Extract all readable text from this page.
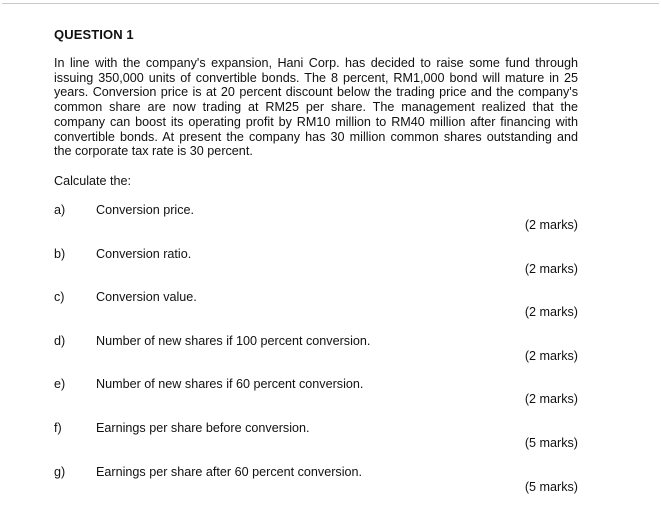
QUESTION 1
In line with the company's expansion, Hani Corp. has decided to raise some fund through issuing 350,000 units of convertible bonds. The 8 percent, RM1,000 bond will mature in 25 years. Conversion price is at 20 percent discount below the trading price and the company's common share are now trading at RM25 per share. The management realized that the company can boost its operating profit by RM10 million to RM40 million after financing with convertible bonds. At present the company has 30 million common shares outstanding and the corporate tax rate is 30 percent.
Calculate the:
a) Conversion price.
(2 marks)
b) Conversion ratio.
(2 marks)
c)	Conversion value.
(2 marks)
d) Number of new shares if 100 percent conversion.
(2 marks)
e) Number of new shares if 60 percent conversion.
(2 marks)
f)	Earnings per share before conversion.
(5 marks)
g) Earnings per share after 60 percent conversion.
(5 marks)
